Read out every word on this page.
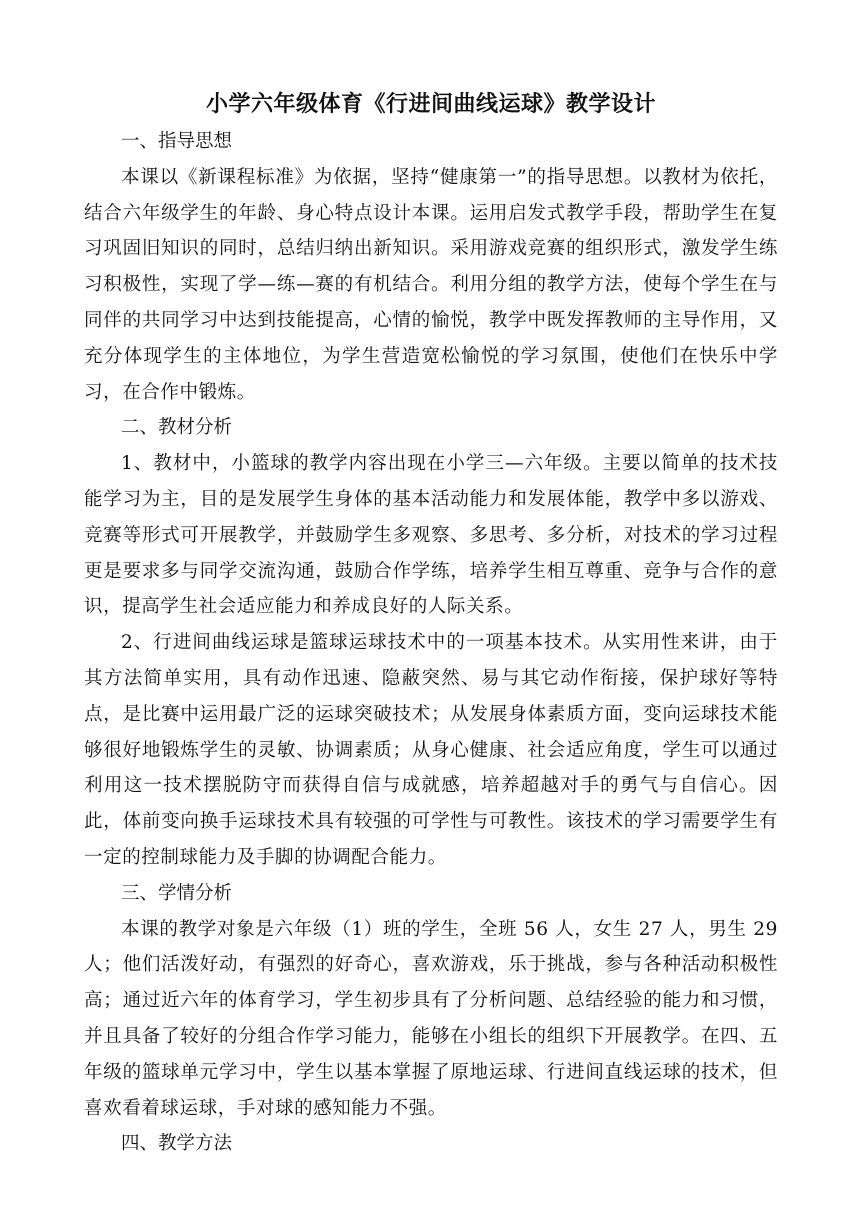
小学六年级体育《行进间曲线运球》教学设计

一、指导思想

本课以《新课程标准》为依据，坚持“健康第一”的指导思想。以教材为依托，结合六年级学生的年龄、身心特点设计本课。运用启发式教学手段，帮助学生在复习巩固旧知识的同时，总结归纳出新知识。采用游戏竞赛的组织形式，激发学生练习积极性，实现了学—练—赛的有机结合。利用分组的教学方法，使每个学生在与同伴的共同学习中达到技能提高，心情的愉悦，教学中既发挥教师的主导作用，又充分体现学生的主体地位，为学生营造宽松愉悦的学习氛围，使他们在快乐中学习，在合作中锻炼。

二、教材分析

1、教材中，小篮球的教学内容出现在小学三—六年级。主要以简单的技术技能学习为主，目的是发展学生身体的基本活动能力和发展体能，教学中多以游戏、竞赛等形式可开展教学，并鼓励学生多观察、多思考、多分析，对技术的学习过程更是要求多与同学交流沟通，鼓励合作学练，培养学生相互尊重、竞争与合作的意识，提高学生社会适应能力和养成良好的人际关系。

2、行进间曲线运球是篮球运球技术中的一项基本技术。从实用性来讲，由于其方法简单实用，具有动作迅速、隐蔽突然、易与其它动作衔接，保护球好等特点，是比赛中运用最广泛的运球突破技术；从发展身体素质方面，变向运球技术能够很好地锻炼学生的灵敏、协调素质；从身心健康、社会适应角度，学生可以通过利用这一技术摆脱防守而获得自信与成就感，培养超越对手的勇气与自信心。因此，体前变向换手运球技术具有较强的可学性与可教性。该技术的学习需要学生有一定的控制球能力及手脚的协调配合能力。

三、学情分析

本课的教学对象是六年级（1）班的学生，全班 56 人，女生 27 人，男生 29 人；他们活泼好动，有强烈的好奇心，喜欢游戏，乐于挑战，参与各种活动积极性高；通过近六年的体育学习，学生初步具有了分析问题、总结经验的能力和习惯，并且具备了较好的分组合作学习能力，能够在小组长的组织下开展教学。在四、五年级的篮球单元学习中，学生以基本掌握了原地运球、行进间直线运球的技术，但喜欢看着球运球，手对球的感知能力不强。

四、教学方法
